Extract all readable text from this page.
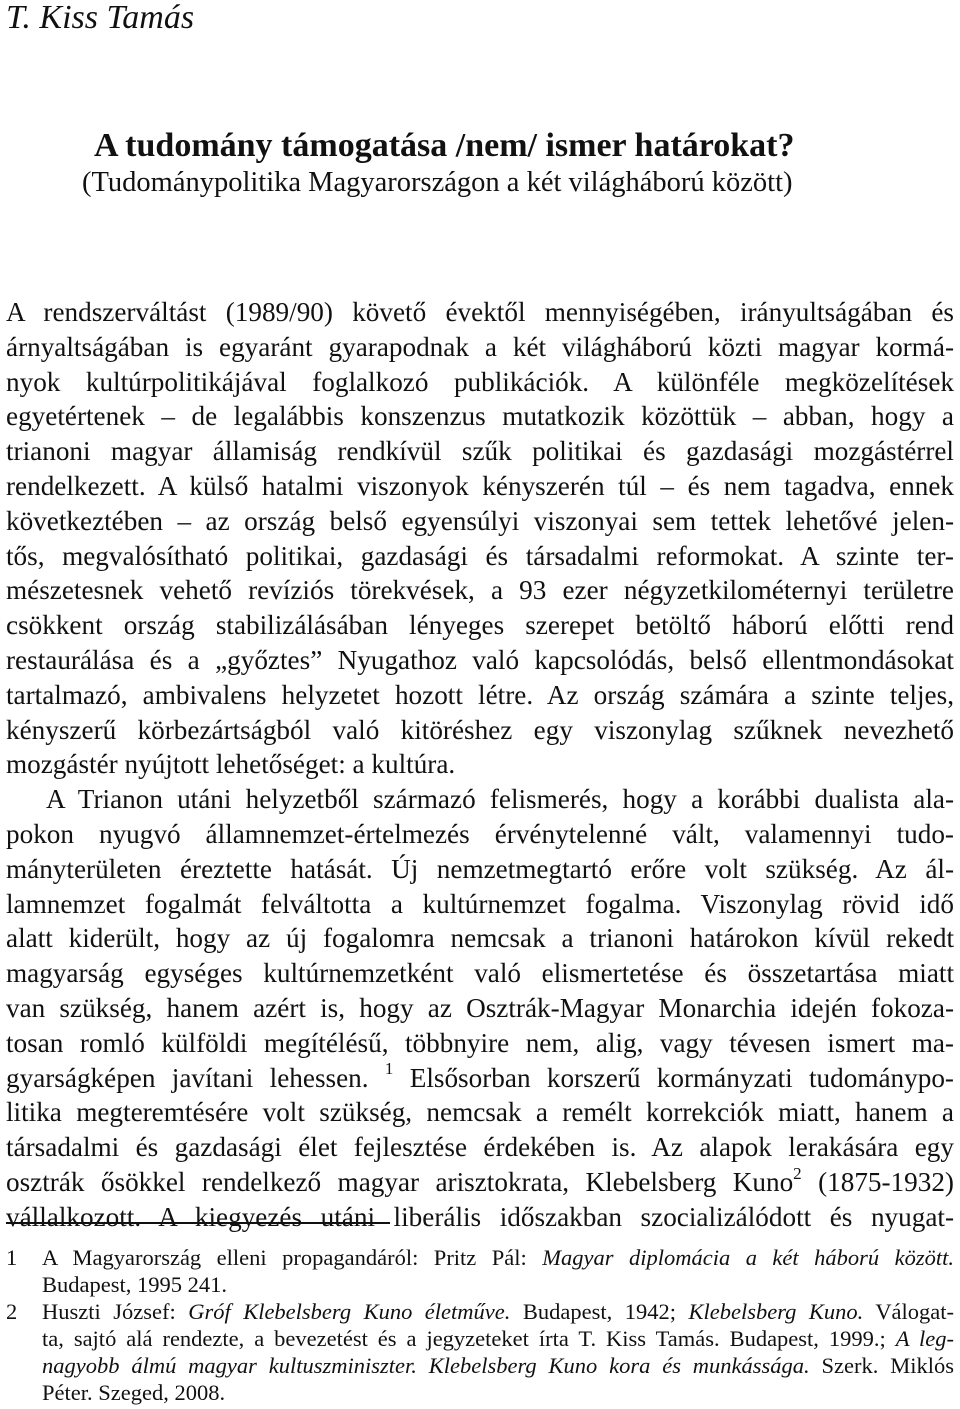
T. Kiss Tamás
A tudomány támogatása /nem/ ismer határokat?
(Tudománypolitika Magyarországon a két világháború között)
A rendszerváltást (1989/90) követő évektől mennyiségében, irányultságában és
árnyaltságában is egyaránt gyarapodnak a két világháború közti magyar kormá-
nyok kultúrpolitikájával foglalkozó publikációk. A különféle megközelítések
egyetértenek – de legalábbis konszenzus mutatkozik közöttük – abban, hogy a
trianoni magyar államiság rendkívül szűk politikai és gazdasági mozgástérrel
rendelkezett. A külső hatalmi viszonyok kényszerén túl – és nem tagadva, ennek
következtében – az ország belső egyensúlyi viszonyai sem tettek lehetővé jelen-
tős, megvalósítható politikai, gazdasági és társadalmi reformokat. A szinte ter-
mészetesnek vehető revíziós törekvések, a 93 ezer négyzetkilométernyi területre
csökkent ország stabilizálásában lényeges szerepet betöltő háború előtti rend
restaurálása és a „győztes” Nyugathoz való kapcsolódás, belső ellentmondásokat
tartalmazó, ambivalens helyzetet hozott létre. Az ország számára a szinte teljes,
kényszerű körbezártságból való kitöréshez egy viszonylag szűknek nevezhető
mozgástér nyújtott lehetőséget: a kultúra.
A Trianon utáni helyzetből származó felismerés, hogy a korábbi dualista ala-
pokon nyugvó államnemzet-értelmezés érvénytelenné vált, valamennyi tudo-
mányterületen éreztette hatását. Új nemzetmegtartó erőre volt szükség. Az ál-
lamnemzet fogalmát felváltotta a kultúrnemzet fogalma. Viszonylag rövid idő
alatt kiderült, hogy az új fogalomra nemcsak a trianoni határokon kívül rekedt
magyarság egységes kultúrnemzetként való elismertetése és összetartása miatt
van szükség, hanem azért is, hogy az Osztrák-Magyar Monarchia idején fokoza-
tosan romló külföldi megítélésű, többnyire nem, alig, vagy tévesen ismert ma-
gyarságképen javítani lehessen. $^1$ Elsősorban korszerű kormányzati tudománypo-
litika megteremtésére volt szükség, nemcsak a remélt korrekciók miatt, hanem a
társadalmi és gazdasági élet fejlesztése érdekében is. Az alapok lerakására egy
osztrák ősökkel rendelkező magyar arisztokrata, Klebelsberg Kuno$^2$ (1875-1932)
vállalkozott. A kiegyezés utáni liberális időszakban szocializálódott és nyugat-
1 A Magyarország elleni propagandáról: Pritz Pál: Magyar diplomácia a két háború között.
Budapest, 1995 241.
2 Huszti József: Gróf Klebelsberg Kuno életműve. Budapest, 1942; Klebelsberg Kuno. Válogat-
ta, sajtó alá rendezte, a bevezetést és a jegyzeteket írta T. Kiss Tamás. Budapest, 1999.; A leg-
nagyobb álmú magyar kultuszminiszter. Klebelsberg Kuno kora és munkássága. Szerk. Miklós
Péter. Szeged, 2008.
